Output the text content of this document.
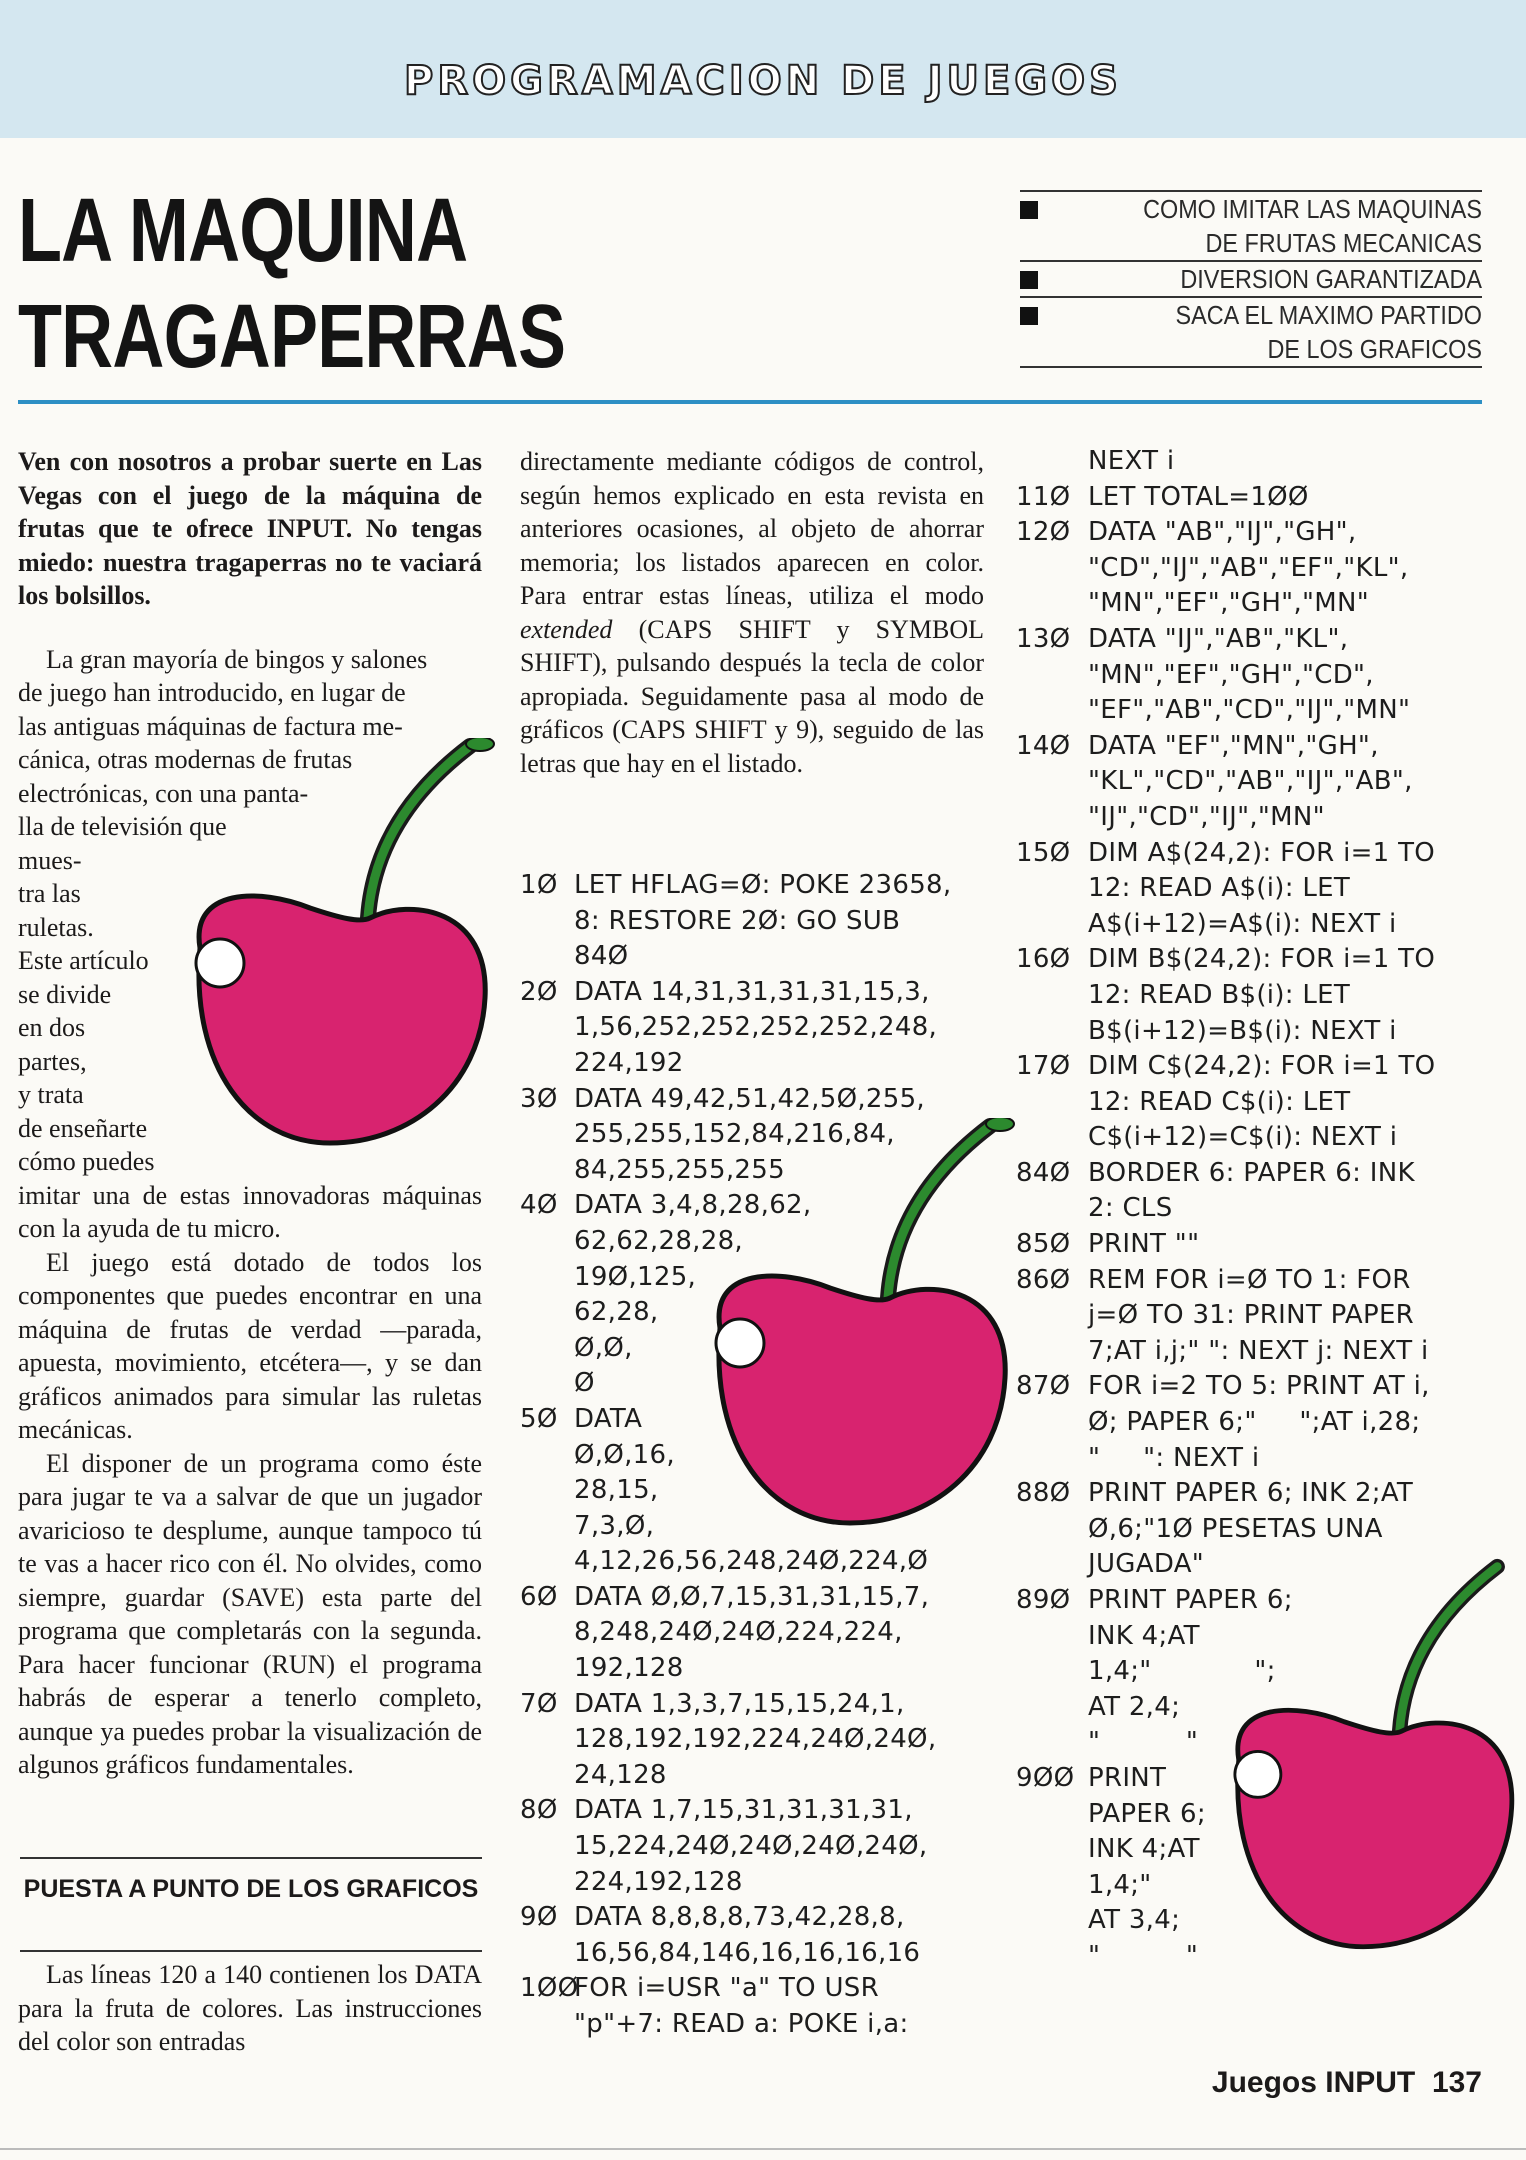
PROGRAMACION DE JUEGOS
LA MAQUINA
TRAGAPERRAS
COMO IMITAR LAS MAQUINAS
DE FRUTAS MECANICAS
DIVERSION GARANTIZADA
SACA EL MAXIMO PARTIDO
DE LOS GRAFICOS

Ven con nosotros a probar suerte en Las Vegas con el juego de la máquina de frutas que te ofrece INPUT. No tengas miedo: nuestra tragaperras no te vaciará los bolsillos.

La gran mayoría de bingos y salones
de juego han introducido, en lugar de
las antiguas máquinas de factura me-
cánica, otras modernas de frutas
electrónicas, con una panta-
lla de televisión que
mues-
tra las
ruletas.
Este artículo
se divide
en dos
partes,
y trata
de enseñarte
cómo puedes

imitar una de estas innovadoras máquinas con la ayuda de tu micro.

El juego está dotado de todos los componentes que puedes encontrar en una máquina de frutas de verdad —parada, apuesta, movimiento, etcétera—, y se dan gráficos animados para simular las ruletas mecánicas.

El disponer de un programa como éste para jugar te va a salvar de que un jugador avaricioso te desplume, aunque tampoco tú te vas a hacer rico con él. No olvides, como siempre, guardar (SAVE) esta parte del programa que completarás con la segunda. Para hacer funcionar (RUN) el programa habrás de esperar a tenerlo completo, aunque ya puedes probar la visualización de algunos gráficos fundamentales.

PUESTA A PUNTO DE LOS GRAFICOS

Las líneas 120 a 140 contienen los DATA para la fruta de colores. Las instrucciones del color son entradas

directamente mediante códigos de control, según hemos explicado en esta revista en anteriores ocasiones, al objeto de ahorrar memoria; los listados aparecen en color. Para entrar estas líneas, utiliza el modo extended (CAPS SHIFT y SYMBOL SHIFT), pulsando después la tecla de color apropiada. Seguidamente pasa al modo de gráficos (CAPS SHIFT y 9), seguido de las letras que hay en el listado.

1Ø LET HFLAG=Ø: POKE 23658,
8: RESTORE 2Ø: GO SUB
84Ø
2Ø DATA 14,31,31,31,31,15,3,
1,56,252,252,252,252,248,
224,192
3Ø DATA 49,42,51,42,5Ø,255,
255,255,152,84,216,84,
84,255,255,255
4Ø DATA 3,4,8,28,62,
62,62,28,28,
19Ø,125,
62,28,
Ø,Ø,
Ø
5Ø DATA
Ø,Ø,16,
28,15,
7,3,Ø,
4,12,26,56,248,24Ø,224,Ø
6Ø DATA Ø,Ø,7,15,31,31,15,7,
8,248,24Ø,24Ø,224,224,
192,128
7Ø DATA 1,3,3,7,15,15,24,1,
128,192,192,224,24Ø,24Ø,
24,128
8Ø DATA 1,7,15,31,31,31,31,
15,224,24Ø,24Ø,24Ø,24Ø,
224,192,128
9Ø DATA 8,8,8,8,73,42,28,8,
16,56,84,146,16,16,16,16
1ØØ
FOR i=USR "a" TO USR
"p"+7: READ a: POKE i,a:
NEXT i
11Ø LET TOTAL=1ØØ
12Ø DATA "AB","IJ","GH",
"CD","IJ","AB","EF","KL",
"MN","EF","GH","MN"
13Ø DATA "IJ","AB","KL",
"MN","EF","GH","CD",
"EF","AB","CD","IJ","MN"
14Ø DATA "EF","MN","GH",
"KL","CD","AB","IJ","AB",
"IJ","CD","IJ","MN"
15Ø DIM A$(24,2): FOR i=1 TO
12: READ A$(i): LET
A$(i+12)=A$(i): NEXT i
16Ø DIM B$(24,2): FOR i=1 TO
12: READ B$(i): LET
B$(i+12)=B$(i): NEXT i
17Ø DIM C$(24,2): FOR i=1 TO
12: READ C$(i): LET
C$(i+12)=C$(i): NEXT i
84Ø BORDER 6: PAPER 6: INK
2: CLS
85Ø PRINT ""
86Ø REM FOR i=Ø TO 1: FOR
j=Ø TO 31: PRINT PAPER
7;AT i,j;" ": NEXT j: NEXT i
87Ø FOR i=2 TO 5: PRINT AT i,
Ø; PAPER 6;"     ";AT i,28;
"     ": NEXT i
88Ø PRINT PAPER 6; INK 2;AT
Ø,6;"1Ø PESETAS UNA
JUGADA"
89Ø PRINT PAPER 6;
INK 4;AT
1,4;"            ";
AT 2,4;
"          "
9ØØ PRINT
PAPER 6;
INK 4;AT
1,4;"
AT 3,4;
"          "
Juegos INPUT 137
